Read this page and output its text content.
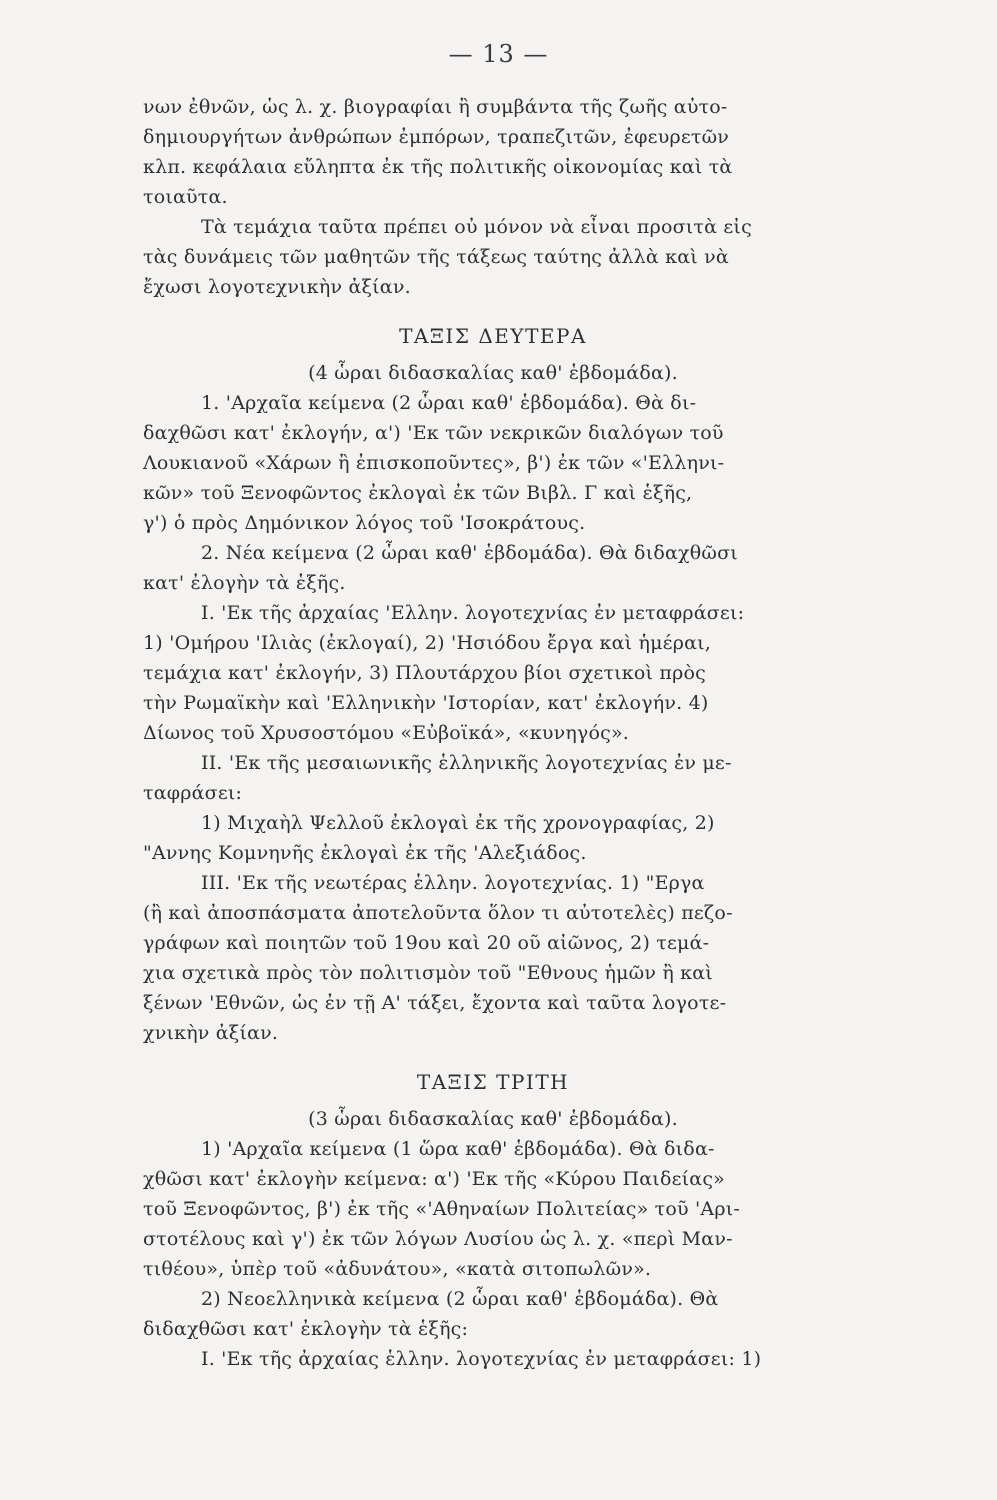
— 13 —
νων ἐθνῶν, ὡς λ. χ. βιογραφίαι ἢ συμβάντα τῆς ζωῆς αὐτο-
δημιουργήτων ἀνθρώπων ἐμπόρων, τραπεζιτῶν, ἐφευρετῶν
κλπ. κεφάλαια εὔληπτα ἐκ τῆς πολιτικῆς οἰκονομίας καὶ τὰ
τοιαῦτα.
Τὰ τεμάχια ταῦτα πρέπει οὐ μόνον νὰ εἶναι προσιτὰ εἰς
τὰς δυνάμεις τῶν μαθητῶν τῆς τάξεως ταύτης ἀλλὰ καὶ νὰ
ἔχωσι λογοτεχνικὴν ἀξίαν.
ΤΑΞΙΣ ΔΕΥΤΕΡΑ
(4 ὧραι διδασκαλίας καθ' ἑβδομάδα).
1. 'Αρχαῖα κείμενα (2 ὧραι καθ' ἑβδομάδα). Θὰ δι-
δαχθῶσι κατ' ἐκλογήν, α') 'Εκ τῶν νεκρικῶν διαλόγων τοῦ
Λουκιανοῦ «Χάρων ἢ ἐπισκοποῦντες», β') ἐκ τῶν «'Ελληνι-
κῶν» τοῦ Ξενοφῶντος ἐκλογαὶ ἐκ τῶν Βιβλ. Γ καὶ ἑξῆς,
γ') ὁ πρὸς Δημόνικον λόγος τοῦ 'Ισοκράτους.
2. Νέα κείμενα (2 ὧραι καθ' ἑβδομάδα). Θὰ διδαχθῶσι
κατ' ἐλογὴν τὰ ἑξῆς.
I. 'Εκ τῆς ἀρχαίας 'Ελλην. λογοτεχνίας ἐν μεταφράσει:
1) 'Ομήρου 'Ιλιὰς (ἐκλογαί), 2) 'Ησιόδου ἔργα καὶ ἡμέραι,
τεμάχια κατ' ἐκλογήν, 3) Πλουτάρχου βίοι σχετικοὶ πρὸς
τὴν Ρωμαϊκὴν καὶ 'Ελληνικὴν 'Ιστορίαν, κατ' ἐκλογήν. 4)
Δίωνος τοῦ Χρυσοστόμου «Εὐβοϊκά», «κυνηγός».
II. 'Εκ τῆς μεσαιωνικῆς ἑλληνικῆς λογοτεχνίας ἐν με-
ταφράσει:
1) Μιχαὴλ Ψελλοῦ ἐκλογαὶ ἐκ τῆς χρονογραφίας, 2)
"Αννης Κομνηνῆς ἐκλογαὶ ἐκ τῆς 'Αλεξιάδος.
III. 'Εκ τῆς νεωτέρας ἑλλην. λογοτεχνίας. 1) "Εργα
(ἢ καὶ ἀποσπάσματα ἀποτελοῦντα ὅλον τι αὐτοτελὲς) πεζο-
γράφων καὶ ποιητῶν τοῦ 19ου καὶ 20 οῦ αἰῶνος, 2) τεμά-
χια σχετικὰ πρὸς τὸν πολιτισμὸν τοῦ "Εθνους ἡμῶν ἢ καὶ
ξένων 'Εθνῶν, ὡς ἐν τῇ Α' τάξει, ἔχοντα καὶ ταῦτα λογοτε-
χνικὴν ἀξίαν.
ΤΑΞΙΣ ΤΡΙΤΗ
(3 ὧραι διδασκαλίας καθ' ἑβδομάδα).
1) 'Αρχαῖα κείμενα (1 ὥρα καθ' ἑβδομάδα). Θὰ διδα-
χθῶσι κατ' ἐκλογὴν κείμενα: α') 'Εκ τῆς «Κύρου Παιδείας»
τοῦ Ξενοφῶντος, β') ἐκ τῆς «'Αθηναίων Πολιτείας» τοῦ 'Αρι-
στοτέλους καὶ γ') ἐκ τῶν λόγων Λυσίου ὡς λ. χ. «περὶ Μαν-
τιθέου», ὑπὲρ τοῦ «ἀδυνάτου», «κατὰ σιτοπωλῶν».
2) Νεοελληνικὰ κείμενα (2 ὧραι καθ' ἑβδομάδα). Θὰ
διδαχθῶσι κατ' ἐκλογὴν τὰ ἑξῆς:
I. 'Εκ τῆς ἀρχαίας ἑλλην. λογοτεχνίας ἐν μεταφράσει: 1)
